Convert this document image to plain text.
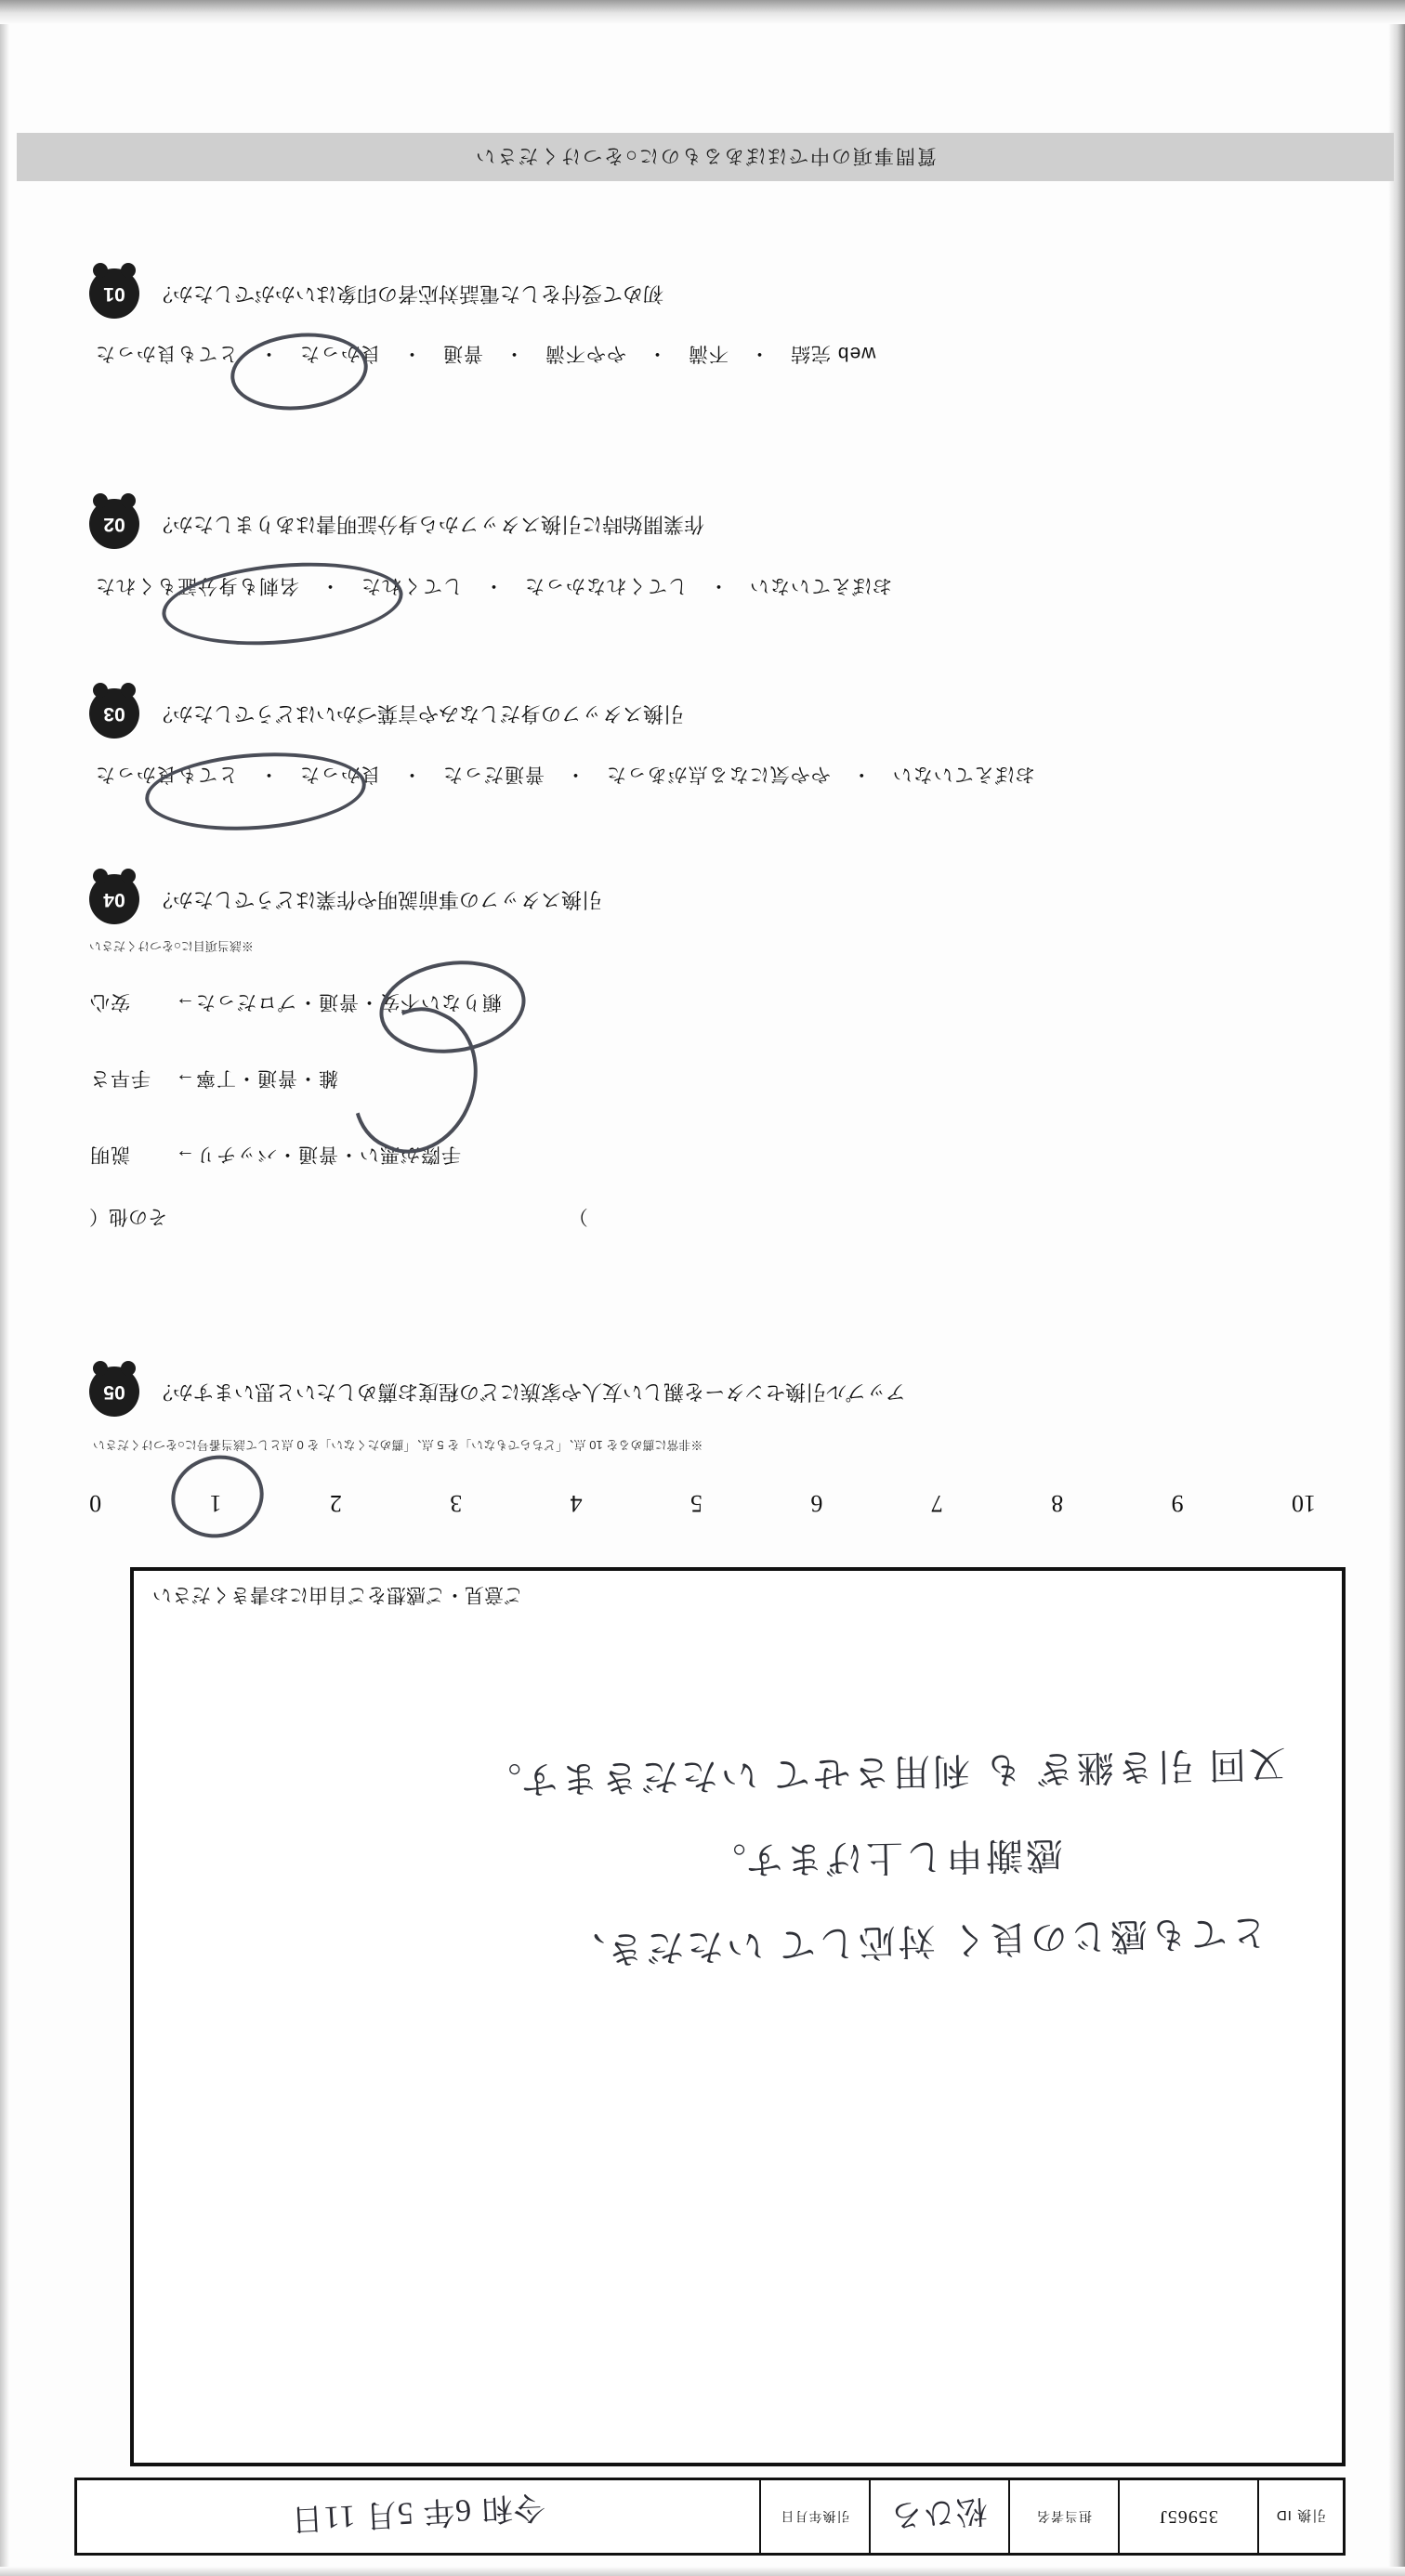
引換 ID
35965J
担当者名
松ひろ
引換年月日
令和 6年 5月 11日
とても感じの良く 対応して いただき、
感謝申し上げます。
又回 引き継ぎ も 利用させて いただきます。
ご意見・ご感想をご自由にお書きください
10
9
8
7
6
5
4
3
2
1
0
※非常に薦めるを 10 点、「どちらでもない」を 5 点、「薦めたくない」を 0 点として該当番号に○をつけください
アップル引換センターを親しい友人や家族にどの程度お薦めしたいと思いますか？
05
）  その他（
手際が悪い
・
普通
・
バッチリ
→
説明
雑
・
普通
・
丁寧
→
手早さ
頼りない不安
・
普通
・
プロだった
→
安心
※該当項目に○をつけください
引換スタッフの事前説明や作業はどうでしたか？
04
おぼえていない
・
やや気になる点があった
・
普通だった
・
良かった
・
とても良かった
引換スタッフの身だしなみや言葉づかいはどうでしたか？
03
おぼえていない
・
してくれなかった
・
してくれた
・
名刺も身分証もくれた
作業開始時に引換スタッフから身分証明書はありましたか？
02
web 完結
・
不満
・
やや不満
・
普通
・
良かった
・
とても良かった
初めて受付をした電話対応者の印象はいかがでしたか？
01
質問事項の中でほぼあるものに○をつけください
